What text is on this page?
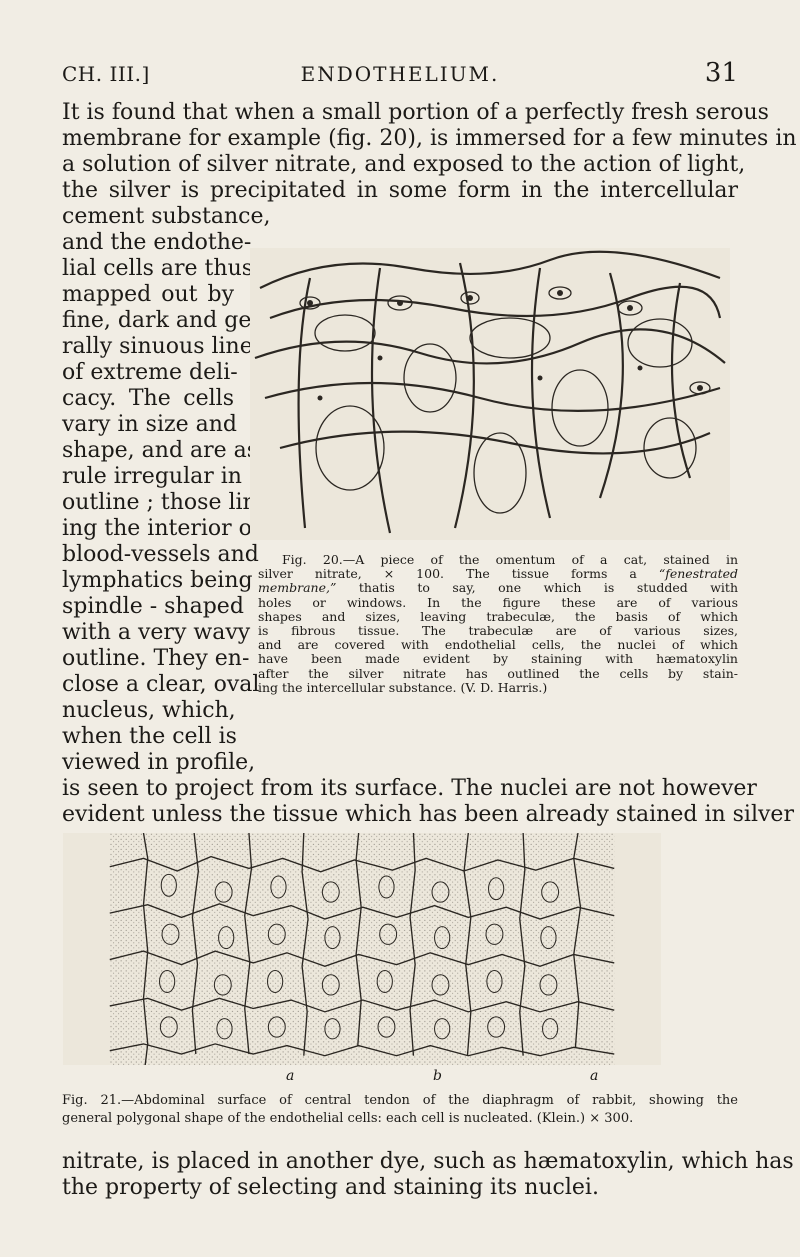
CH. III.]	ENDOTHELIUM.	31
It is found that when a small portion of a perfectly fresh serous
membrane for example (fig. 20), is immersed for a few minutes in
a solution of silver nitrate, and exposed to the action of light,
the silver is precipitated in some form in the intercellular
cement substance,
and the endothe-
lial cells are thus
mapped out by
fine, dark and gene-
rally sinuous lines
of extreme deli-
cacy. The cells
vary in size and
shape, and are as a
rule irregular in
outline ; those lin-
ing the interior of
blood-vessels and
lymphatics being
spindle - shaped
with a very wavy
outline. They en-
close a clear, oval
nucleus, which,
when the cell is
viewed in profile,
Fig. 20.—A piece of the omentum of a cat, stained in
silver nitrate, × 100. The tissue forms a “fenestrated
membrane,” thatis to say, one which is studded with
holes or windows. In the figure these are of various
shapes and sizes, leaving trabeculæ, the basis of which
is fibrous tissue. The trabeculæ are of various sizes,
and are covered with endothelial cells, the nuclei of which
have been made evident by staining with hæmatoxylin
after the silver nitrate has outlined the cells by stain-
ing the intercellular substance. (V. D. Harris.)
is seen to project from its surface. The nuclei are not however
evident unless the tissue which has been already stained in silver
a	b	a
Fig. 21.—Abdominal surface of central tendon of the diaphragm of rabbit, showing the
general polygonal shape of the endothelial cells: each cell is nucleated. (Klein.) × 300.
nitrate, is placed in another dye, such as hæmatoxylin, which has
the property of selecting and staining its nuclei.
